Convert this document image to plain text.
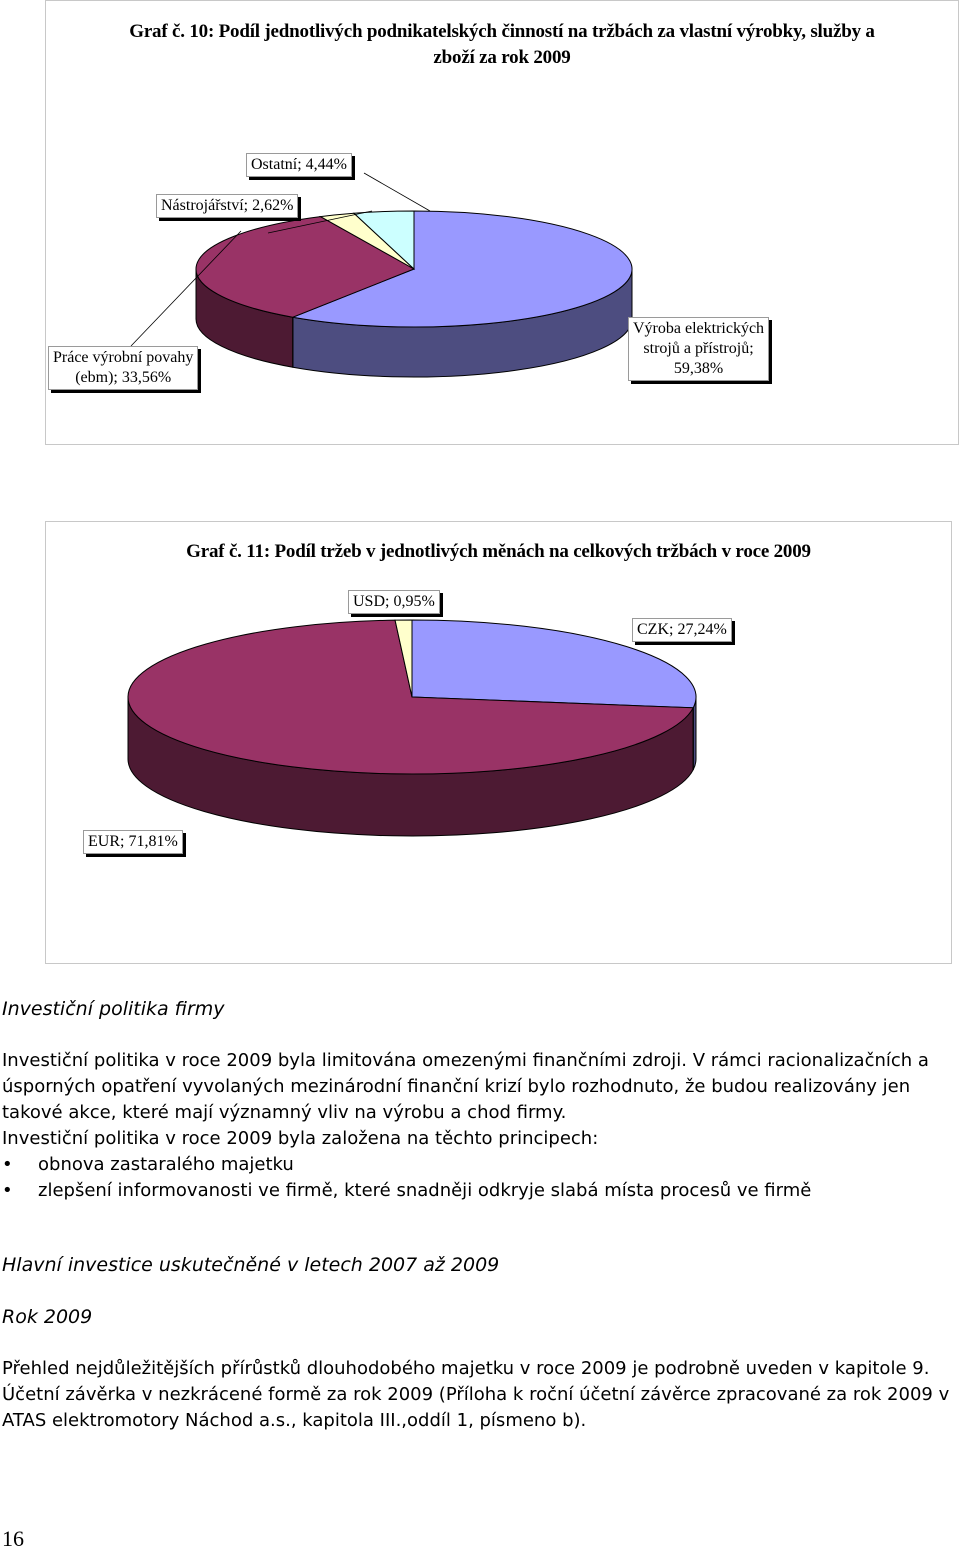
Graf č. 10: Podíl jednotlivých podnikatelských činností na tržbách za vlastní výrobky, služby a zboží za rok 2009
Ostatní; 4,44%
Nástrojářství; 2,62%
Práce výrobní povahy
(ebm); 33,56%
Výroba elektrických
strojů a přístrojů;
59,38%
Graf č. 11: Podíl tržeb v jednotlivých měnách na celkových tržbách v roce 2009
USD; 0,95%
CZK; 27,24%
EUR; 71,81%
Investiční politika firmy

Investiční politika v roce 2009 byla limitována omezenými finančními zdroji. V rámci racionalizačních a úsporných opatření vyvolaných mezinárodní finanční krizí bylo rozhodnuto, že budou realizovány jen takové akce, které mají významný vliv na výrobu a chod firmy.
Investiční politika v roce 2009 byla založena na těchto principech:

• obnova zastaralého majetku
• zlepšení informovanosti ve firmě, které snadněji odkryje slabá místa procesů ve firmě
Hlavní investice uskutečněné v letech 2007 až 2009
Rok 2009

Přehled nejdůležitějších přírůstků dlouhodobého majetku v roce 2009 je podrobně uveden v kapitole 9. Účetní závěrka v nezkrácené formě za rok 2009 (Příloha k roční účetní závěrce zpracované za rok 2009 v ATAS elektromotory Náchod a.s., kapitola III.,oddíl 1, písmeno b).

16
